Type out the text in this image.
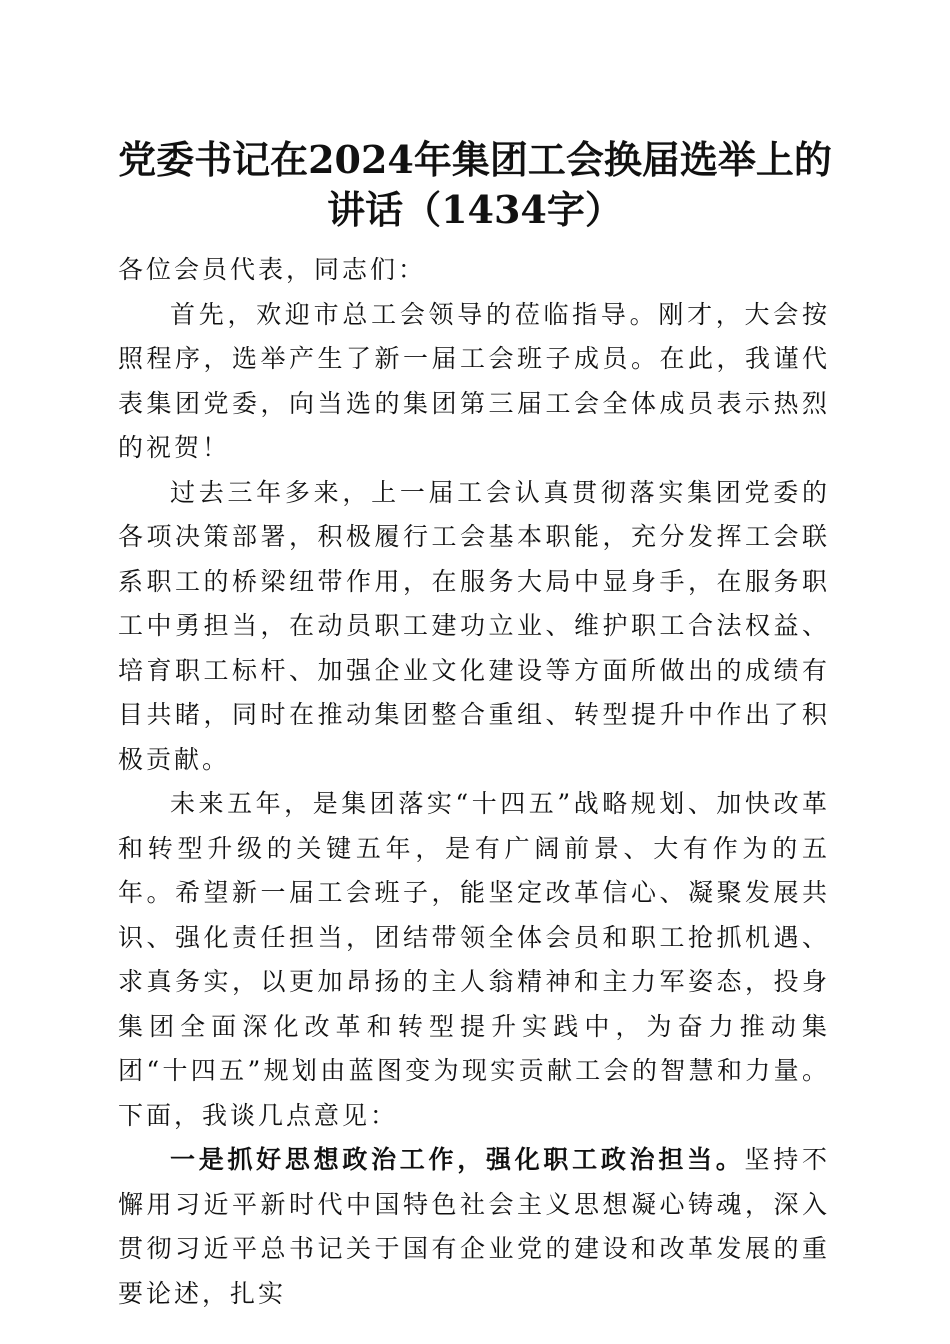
党委书记在2024年集团工会换届选举上的讲话（1434字）

各位会员代表，同志们：

首先，欢迎市总工会领导的莅临指导。刚才，大会按照程序，选举产生了新一届工会班子成员。在此，我谨代表集团党委，向当选的集团第三届工会全体成员表示热烈的祝贺！

过去三年多来，上一届工会认真贯彻落实集团党委的各项决策部署，积极履行工会基本职能，充分发挥工会联系职工的桥梁纽带作用，在服务大局中显身手，在服务职工中勇担当，在动员职工建功立业、维护职工合法权益、培育职工标杆、加强企业文化建设等方面所做出的成绩有目共睹，同时在推动集团整合重组、转型提升中作出了积极贡献。

未来五年，是集团落实“十四五”战略规划、加快改革和转型升级的关键五年，是有广阔前景、大有作为的五年。希望新一届工会班子，能坚定改革信心、凝聚发展共识、强化责任担当，团结带领全体会员和职工抢抓机遇、求真务实，以更加昂扬的主人翁精神和主力军姿态，投身集团全面深化改革和转型提升实践中，为奋力推动集团“十四五”规划由蓝图变为现实贡献工会的智慧和力量。下面，我谈几点意见：

一是抓好思想政治工作，强化职工政治担当。坚持不懈用习近平新时代中国特色社会主义思想凝心铸魂，深入贯彻习近平总书记关于国有企业党的建设和改革发展的重要论述，扎实
